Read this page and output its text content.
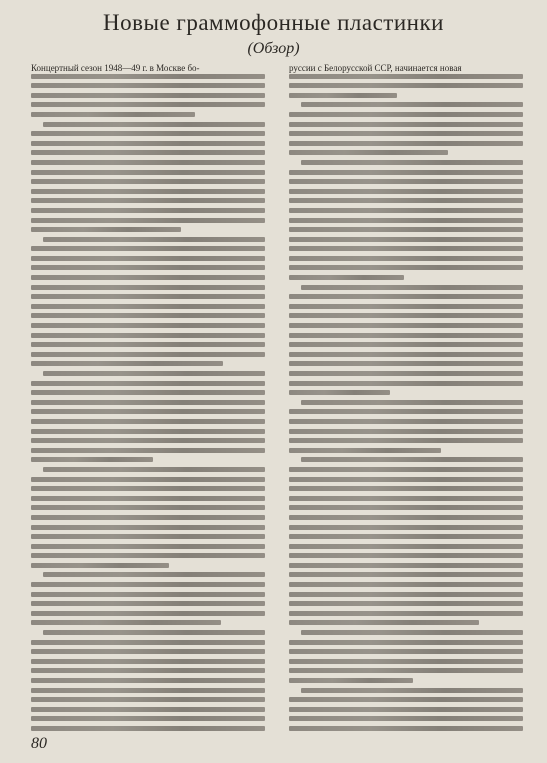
Новые граммофонные пластинки
(Обзор)
Концертный сезон 1948—49 г. в Москве бо-	руссии с Белорусской ССР, начинается новая
80
